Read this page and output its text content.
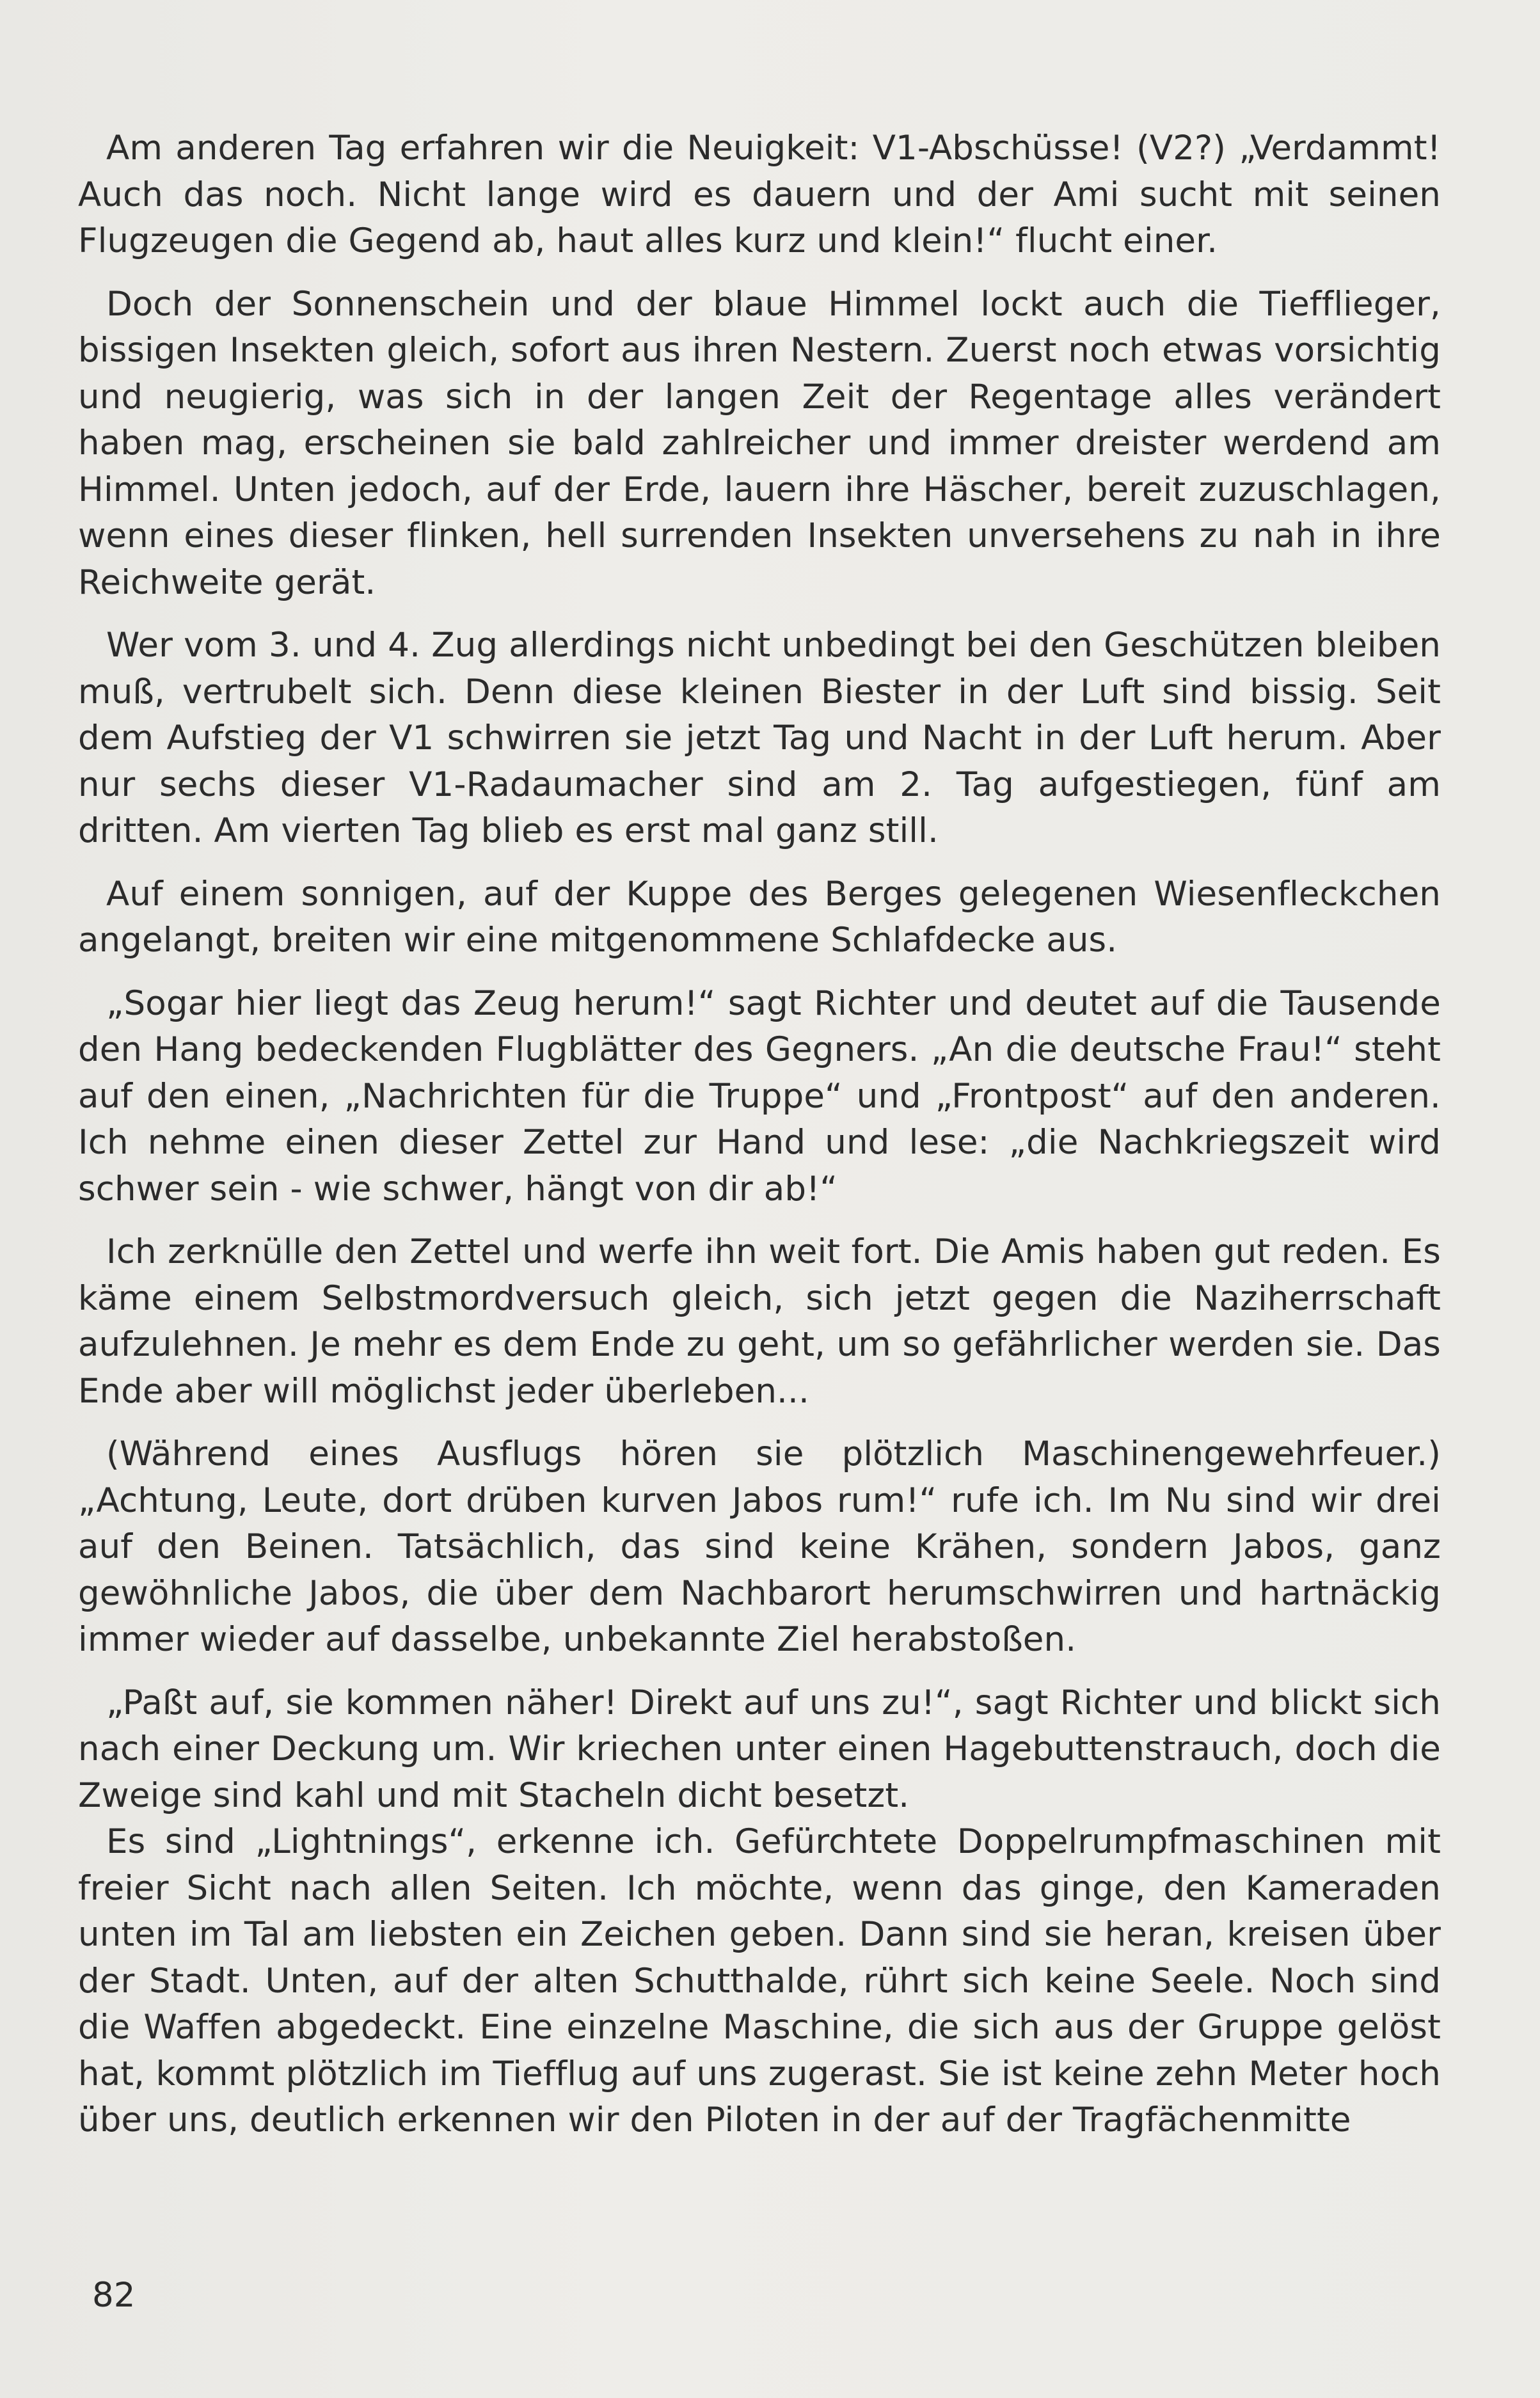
Am anderen Tag erfahren wir die Neuigkeit: V1-Abschüsse! (V2?) „Verdammt! Auch das noch. Nicht lange wird es dauern und der Ami sucht mit seinen Flugzeugen die Gegend ab, haut alles kurz und klein!“ flucht einer.

Doch der Sonnenschein und der blaue Himmel lockt auch die Tiefflieger, bissigen Insekten gleich, sofort aus ihren Nestern. Zuerst noch etwas vorsichtig und neugierig, was sich in der langen Zeit der Regentage alles verändert haben mag, erscheinen sie bald zahlreicher und immer dreister werdend am Himmel. Unten jedoch, auf der Erde, lauern ihre Häscher, bereit zuzuschlagen, wenn eines dieser flinken, hell surrenden Insekten unversehens zu nah in ihre Reichweite gerät.

Wer vom 3. und 4. Zug allerdings nicht unbedingt bei den Geschützen bleiben muß, vertrubelt sich. Denn diese kleinen Biester in der Luft sind bissig. Seit dem Aufstieg der V1 schwirren sie jetzt Tag und Nacht in der Luft herum. Aber nur sechs dieser V1-Radaumacher sind am 2. Tag aufgestiegen, fünf am dritten. Am vierten Tag blieb es erst mal ganz still.

Auf einem sonnigen, auf der Kuppe des Berges gelegenen Wiesenfleckchen angelangt, breiten wir eine mitgenommene Schlafdecke aus.

„Sogar hier liegt das Zeug herum!“ sagt Richter und deutet auf die Tausende den Hang bedeckenden Flugblätter des Gegners. „An die deutsche Frau!“ steht auf den einen, „Nachrichten für die Truppe“ und „Frontpost“ auf den anderen. Ich nehme einen dieser Zettel zur Hand und lese: „die Nachkriegszeit wird schwer sein - wie schwer, hängt von dir ab!“

Ich zerknülle den Zettel und werfe ihn weit fort. Die Amis haben gut reden. Es käme einem Selbstmordversuch gleich, sich jetzt gegen die Naziherrschaft aufzulehnen. Je mehr es dem Ende zu geht, um so gefährlicher werden sie. Das Ende aber will möglichst jeder überleben...

(Während eines Ausflugs hören sie plötzlich Maschinengewehrfeuer.) „Achtung, Leute, dort drüben kurven Jabos rum!“ rufe ich. Im Nu sind wir drei auf den Beinen. Tatsächlich, das sind keine Krähen, sondern Jabos, ganz gewöhnliche Jabos, die über dem Nachbarort herumschwirren und hartnäckig immer wieder auf dasselbe, unbekannte Ziel herabstoßen.

„Paßt auf, sie kommen näher! Direkt auf uns zu!“, sagt Richter und blickt sich nach einer Deckung um. Wir kriechen unter einen Hagebuttenstrauch, doch die Zweige sind kahl und mit Stacheln dicht besetzt.

Es sind „Lightnings“, erkenne ich. Gefürchtete Doppelrumpfmaschinen mit freier Sicht nach allen Seiten. Ich möchte, wenn das ginge, den Kameraden unten im Tal am liebsten ein Zeichen geben. Dann sind sie heran, kreisen über der Stadt. Unten, auf der alten Schutthalde, rührt sich keine Seele. Noch sind die Waffen abgedeckt. Eine einzelne Maschine, die sich aus der Gruppe gelöst hat, kommt plötzlich im Tiefflug auf uns zugerast. Sie ist keine zehn Meter hoch über uns, deutlich erkennen wir den Piloten in der auf der Tragfächenmitte

82
